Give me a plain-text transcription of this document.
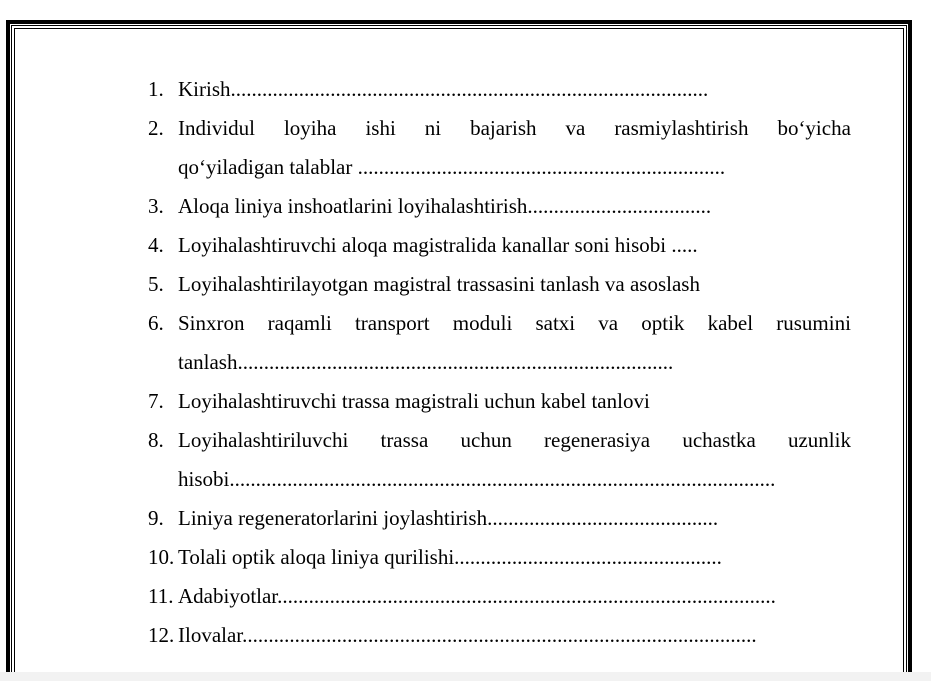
1. Kirish...........................................................................................
2. Individul loyiha ishi ni bajarish va rasmiylashtirish bo‘yicha
qo‘yiladigan talablar ......................................................................
3. Aloqa liniya inshoatlarini loyihalashtirish...................................
4. Loyihalashtiruvchi aloqa magistralida kanallar soni hisobi .....
5. Loyihalashtirilayotgan magistral trassasini tanlash va asoslash
6. Sinxron raqamli transport moduli satxi va optik kabel rusumini
tanlash...................................................................................
7. Loyihalashtiruvchi trassa magistrali uchun kabel tanlovi
8. Loyihalashtiriluvchi trassa uchun regenerasiya uchastka uzunlik
hisobi........................................................................................................
9. Liniya regeneratorlarini joylashtirish............................................
10. Tolali optik aloqa liniya qurilishi...................................................
11. Adabiyotlar...............................................................................................
12. Ilovalar..................................................................................................
